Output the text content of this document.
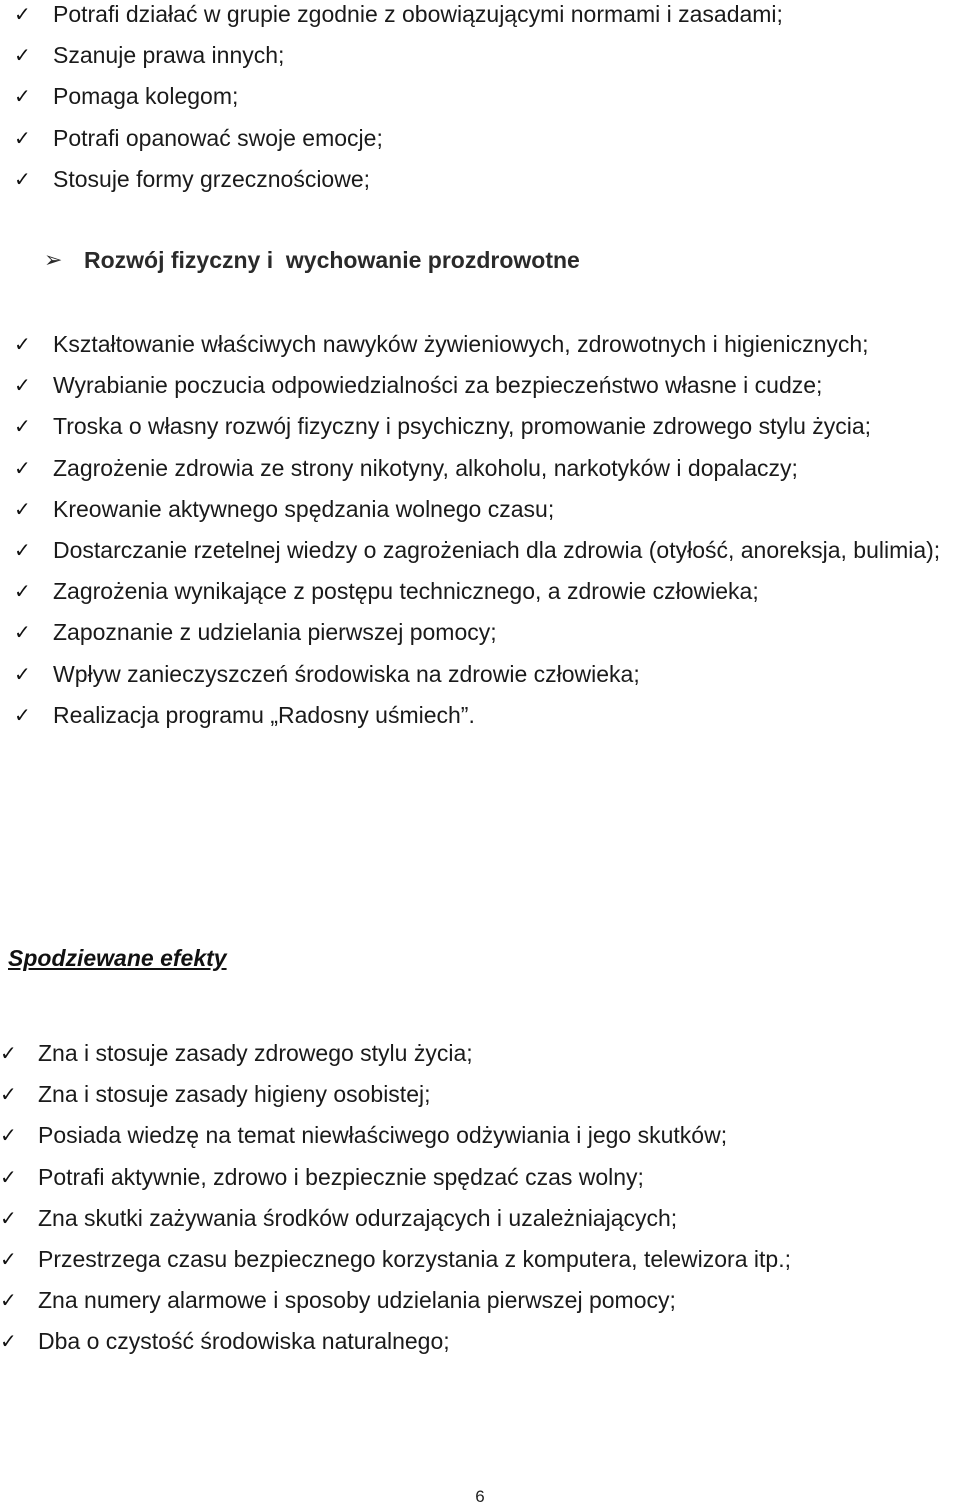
✓ Potrafi działać w grupie zgodnie z obowiązującymi normami i zasadami;
✓ Szanuje prawa innych;
✓ Pomaga kolegom;
✓ Potrafi opanować swoje emocje;
✓ Stosuje formy grzecznościowe;
➢ Rozwój fizyczny i  wychowanie prozdrowotne
✓ Kształtowanie właściwych nawyków żywieniowych, zdrowotnych i higienicznych;
✓ Wyrabianie poczucia odpowiedzialności za bezpieczeństwo własne i cudze;
✓ Troska o własny rozwój fizyczny i psychiczny, promowanie zdrowego stylu życia;
✓ Zagrożenie zdrowia ze strony nikotyny, alkoholu, narkotyków i dopalaczy;
✓ Kreowanie aktywnego spędzania wolnego czasu;
✓ Dostarczanie rzetelnej wiedzy o zagrożeniach dla zdrowia (otyłość, anoreksja, bulimia);
✓ Zagrożenia wynikające z postępu technicznego, a zdrowie człowieka;
✓ Zapoznanie z udzielania pierwszej pomocy;
✓ Wpływ zanieczyszczeń środowiska na zdrowie człowieka;
✓ Realizacja programu „Radosny uśmiech”.
Spodziewane efekty
✓ Zna i stosuje zasady zdrowego stylu życia;
✓ Zna i stosuje zasady higieny osobistej;
✓ Posiada wiedzę na temat niewłaściwego odżywiania i jego skutków;
✓ Potrafi aktywnie, zdrowo i bezpiecznie spędzać czas wolny;
✓ Zna skutki zażywania środków odurzających i uzależniających;
✓ Przestrzega czasu bezpiecznego korzystania z komputera, telewizora itp.;
✓ Zna numery alarmowe i sposoby udzielania pierwszej pomocy;
✓ Dba o czystość środowiska naturalnego;
6
